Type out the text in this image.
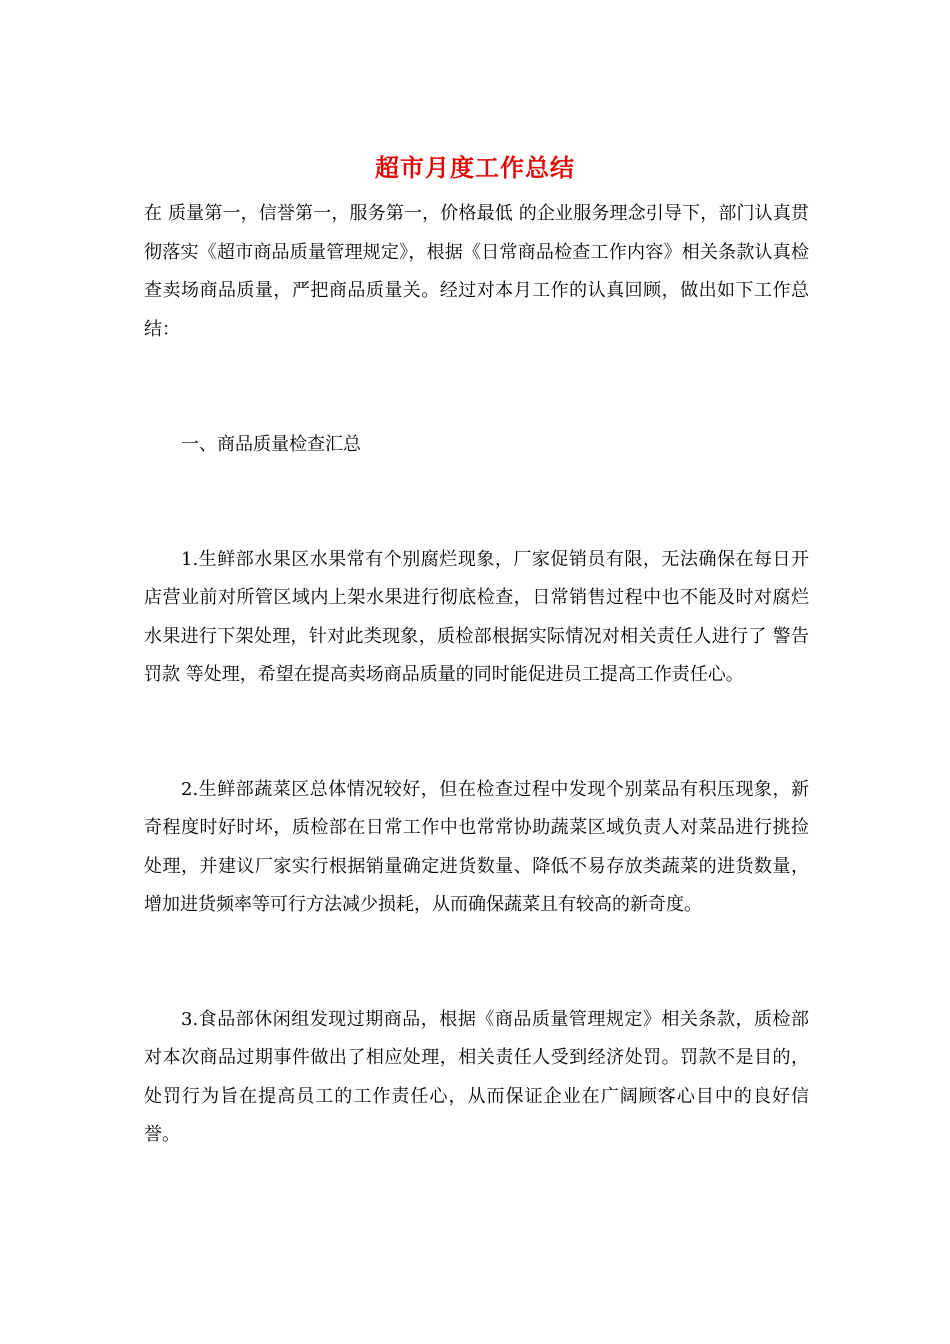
超市月度工作总结

在 质量第一，信誉第一，服务第一，价格最低 的企业服务理念引导下，部门认真贯彻落实《超市商品质量管理规定》，根据《日常商品检查工作内容》相关条款认真检查卖场商品质量，严把商品质量关。经过对本月工作的认真回顾，做出如下工作总结：

一、商品质量检查汇总

1.生鲜部水果区水果常有个别腐烂现象，厂家促销员有限，无法确保在每日开店营业前对所管区域内上架水果进行彻底检查，日常销售过程中也不能及时对腐烂水果进行下架处理，针对此类现象，质检部根据实际情况对相关责任人进行了 警告 罚款 等处理，希望在提高卖场商品质量的同时能促进员工提高工作责任心。

2.生鲜部蔬菜区总体情况较好，但在检查过程中发现个别菜品有积压现象，新奇程度时好时坏，质检部在日常工作中也常常协助蔬菜区域负责人对菜品进行挑捡处理，并建议厂家实行根据销量确定进货数量、降低不易存放类蔬菜的进货数量，增加进货频率等可行方法减少损耗，从而确保蔬菜且有较高的新奇度。

3.食品部休闲组发现过期商品，根据《商品质量管理规定》相关条款，质检部对本次商品过期事件做出了相应处理，相关责任人受到经济处罚。罚款不是目的，处罚行为旨在提高员工的工作责任心，从而保证企业在广阔顾客心目中的良好信誉。
